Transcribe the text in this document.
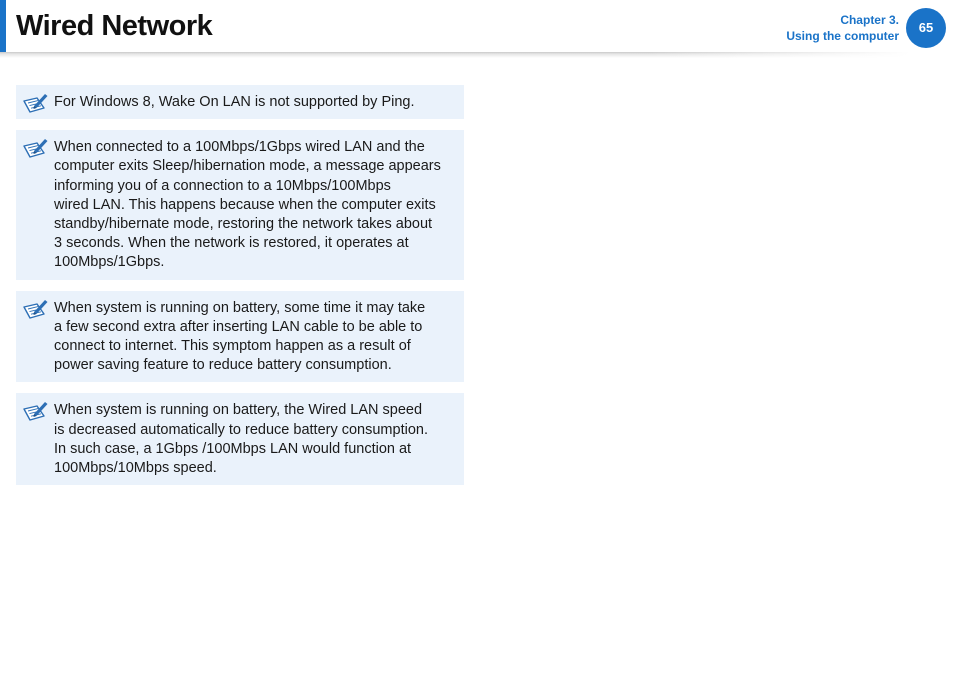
Wired Network	Chapter 3.
Using the computer
65
For Windows 8, Wake On LAN is not supported by Ping.
When connected to a 100Mbps/1Gbps wired LAN and the
computer exits Sleep/hibernation mode, a message appears
informing you of a connection to a 10Mbps/100Mbps
wired LAN. This happens because when the computer exits
standby/hibernate mode, restoring the network takes about
3 seconds. When the network is restored, it operates at
100Mbps/1Gbps.
When system is running on battery, some time it may take
a few second extra after inserting LAN cable to be able to
connect to internet. This symptom happen as a result of
power saving feature to reduce battery consumption.
When system is running on battery, the Wired LAN speed
is decreased automatically to reduce battery consumption.
In such case, a 1Gbps /100Mbps LAN would function at
100Mbps/10Mbps speed.
